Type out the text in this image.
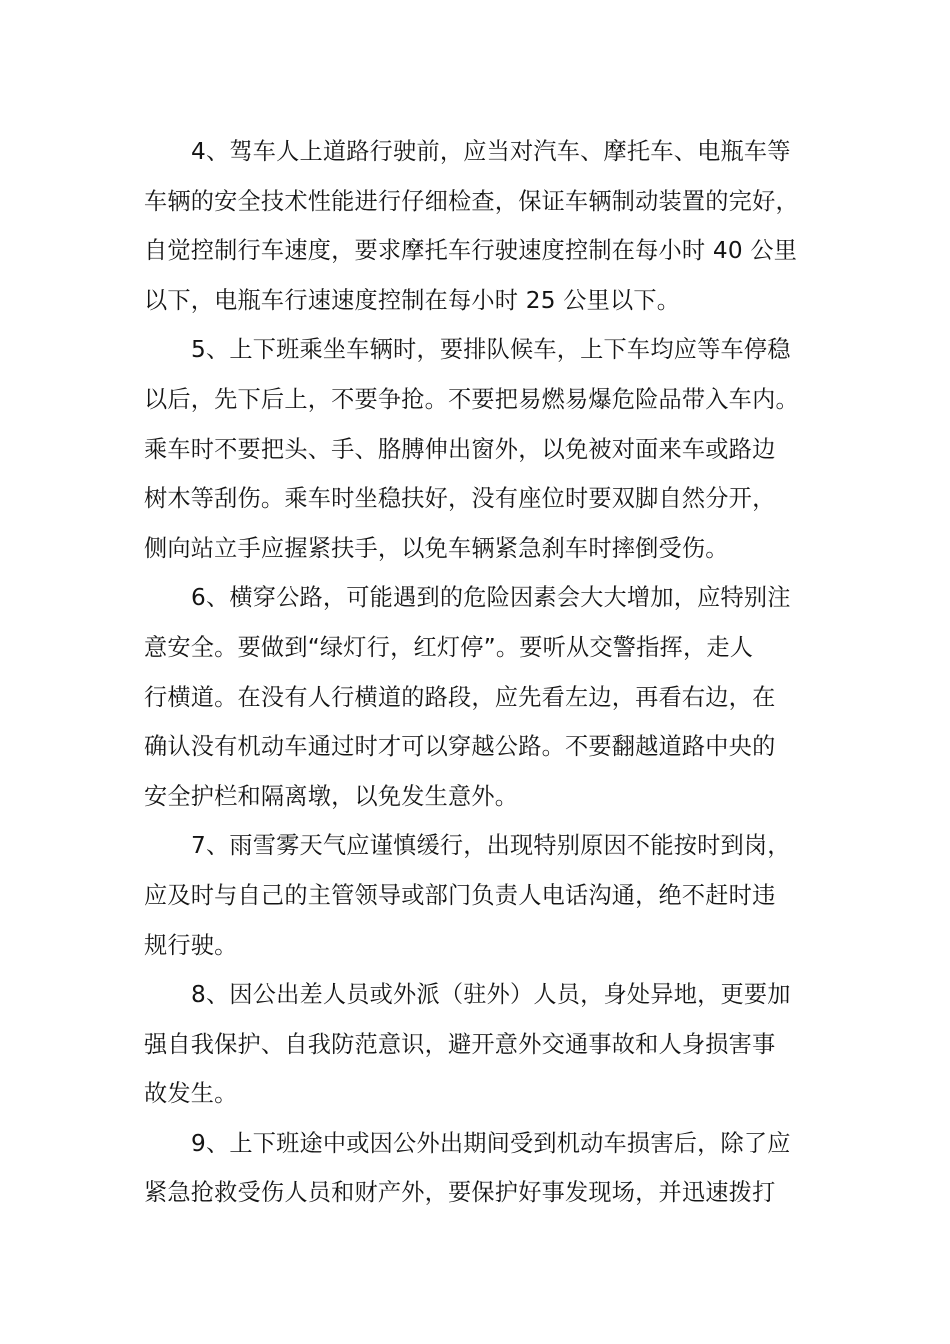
4、驾车人上道路行驶前，应当对汽车、摩托车、电瓶车等
车辆的安全技术性能进行仔细检查，保证车辆制动装置的完好，
自觉控制行车速度，要求摩托车行驶速度控制在每小时 40 公里
以下，电瓶车行速速度控制在每小时 25 公里以下。
5、上下班乘坐车辆时，要排队候车，上下车均应等车停稳
以后，先下后上，不要争抢。不要把易燃易爆危险品带入车内。
乘车时不要把头、手、胳膊伸出窗外，以免被对面来车或路边
树木等刮伤。乘车时坐稳扶好，没有座位时要双脚自然分开，
侧向站立手应握紧扶手，以免车辆紧急刹车时摔倒受伤。
6、横穿公路，可能遇到的危险因素会大大增加，应特别注
意安全。要做到“绿灯行，红灯停”。要听从交警指挥，走人
行横道。在没有人行横道的路段，应先看左边，再看右边，在
确认没有机动车通过时才可以穿越公路。不要翻越道路中央的
安全护栏和隔离墩，以免发生意外。
7、雨雪雾天气应谨慎缓行，出现特别原因不能按时到岗，
应及时与自己的主管领导或部门负责人电话沟通，绝不赶时违
规行驶。
8、因公出差人员或外派（驻外）人员，身处异地，更要加
强自我保护、自我防范意识，避开意外交通事故和人身损害事
故发生。
9、上下班途中或因公外出期间受到机动车损害后，除了应
紧急抢救受伤人员和财产外，要保护好事发现场，并迅速拨打
